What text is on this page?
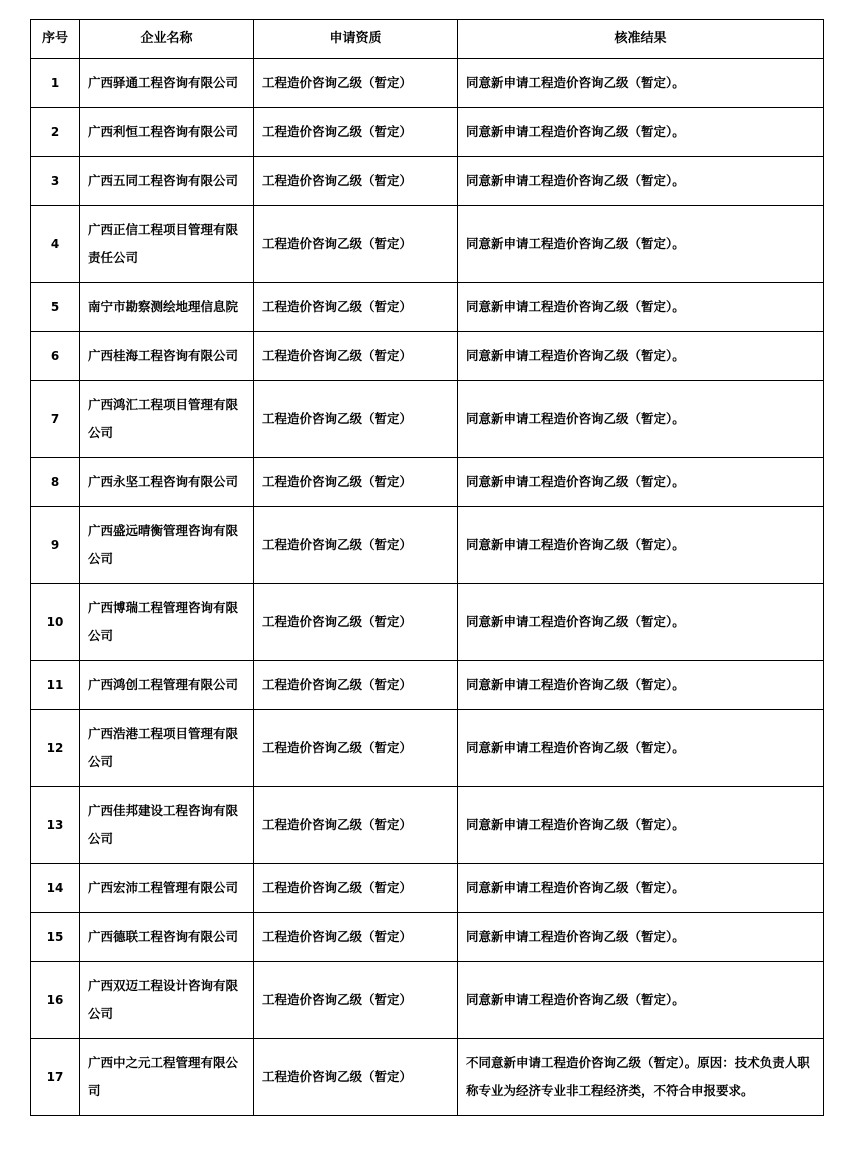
序号	企业名称	申请资质	核准结果
1	广西驿通工程咨询有限公司	工程造价咨询乙级（暂定）	同意新申请工程造价咨询乙级（暂定）。
2	广西利恒工程咨询有限公司	工程造价咨询乙级（暂定）	同意新申请工程造价咨询乙级（暂定）。
3	广西五同工程咨询有限公司	工程造价咨询乙级（暂定）	同意新申请工程造价咨询乙级（暂定）。
4	广西正信工程项目管理有限责任公司	工程造价咨询乙级（暂定）	同意新申请工程造价咨询乙级（暂定）。
5	南宁市勘察测绘地理信息院	工程造价咨询乙级（暂定）	同意新申请工程造价咨询乙级（暂定）。
6	广西桂海工程咨询有限公司	工程造价咨询乙级（暂定）	同意新申请工程造价咨询乙级（暂定）。
7	广西鸿汇工程项目管理有限公司	工程造价咨询乙级（暂定）	同意新申请工程造价咨询乙级（暂定）。
8	广西永坚工程咨询有限公司	工程造价咨询乙级（暂定）	同意新申请工程造价咨询乙级（暂定）。
9	广西盛远晴衡管理咨询有限公司	工程造价咨询乙级（暂定）	同意新申请工程造价咨询乙级（暂定）。
10	广西博瑞工程管理咨询有限公司	工程造价咨询乙级（暂定）	同意新申请工程造价咨询乙级（暂定）。
11	广西鸿创工程管理有限公司	工程造价咨询乙级（暂定）	同意新申请工程造价咨询乙级（暂定）。
12	广西浩港工程项目管理有限公司	工程造价咨询乙级（暂定）	同意新申请工程造价咨询乙级（暂定）。
13	广西佳邦建设工程咨询有限公司	工程造价咨询乙级（暂定）	同意新申请工程造价咨询乙级（暂定）。
14	广西宏沛工程管理有限公司	工程造价咨询乙级（暂定）	同意新申请工程造价咨询乙级（暂定）。
15	广西德联工程咨询有限公司	工程造价咨询乙级（暂定）	同意新申请工程造价咨询乙级（暂定）。
16	广西双迈工程设计咨询有限公司	工程造价咨询乙级（暂定）	同意新申请工程造价咨询乙级（暂定）。
17	广西中之元工程管理有限公司	工程造价咨询乙级（暂定）	不同意新申请工程造价咨询乙级（暂定）。原因：技术负责人职称专业为经济专业非工程经济类，不符合申报要求。
